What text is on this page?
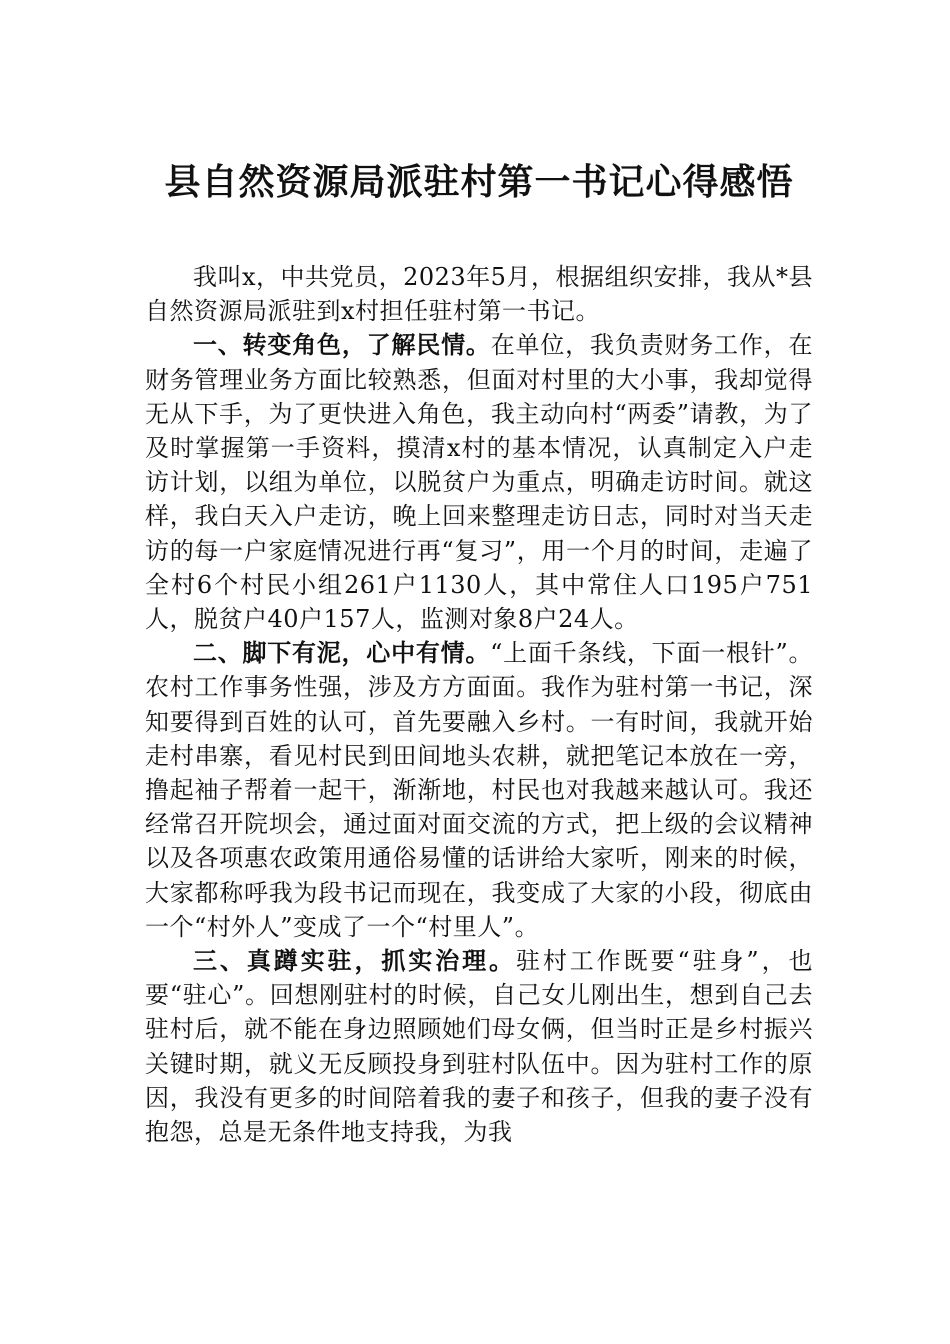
县自然资源局派驻村第一书记心得感悟

我叫x，中共党员，2023年5月，根据组织安排，我从*县自然资源局派驻到x村担任驻村第一书记。

一、转变角色，了解民情。在单位，我负责财务工作，在财务管理业务方面比较熟悉，但面对村里的大小事，我却觉得无从下手，为了更快进入角色，我主动向村“两委”请教，为了及时掌握第一手资料，摸清x村的基本情况，认真制定入户走访计划，以组为单位，以脱贫户为重点，明确走访时间。就这样，我白天入户走访，晚上回来整理走访日志，同时对当天走访的每一户家庭情况进行再“复习”，用一个月的时间，走遍了全村6个村民小组261户1130人，其中常住人口195户751人，脱贫户40户157人，监测对象8户24人。

二、脚下有泥，心中有情。“上面千条线，下面一根针”。农村工作事务性强，涉及方方面面。我作为驻村第一书记，深知要得到百姓的认可，首先要融入乡村。一有时间，我就开始走村串寨，看见村民到田间地头农耕，就把笔记本放在一旁，撸起袖子帮着一起干，渐渐地，村民也对我越来越认可。我还经常召开院坝会，通过面对面交流的方式，把上级的会议精神以及各项惠农政策用通俗易懂的话讲给大家听，刚来的时候，大家都称呼我为段书记而现在，我变成了大家的小段，彻底由一个“村外人”变成了一个“村里人”。

三、真蹲实驻，抓实治理。驻村工作既要“驻身”，也要“驻心”。回想刚驻村的时候，自己女儿刚出生，想到自己去驻村后，就不能在身边照顾她们母女俩，但当时正是乡村振兴关键时期，就义无反顾投身到驻村队伍中。因为驻村工作的原因，我没有更多的时间陪着我的妻子和孩子，但我的妻子没有抱怨，总是无条件地支持我，为我
